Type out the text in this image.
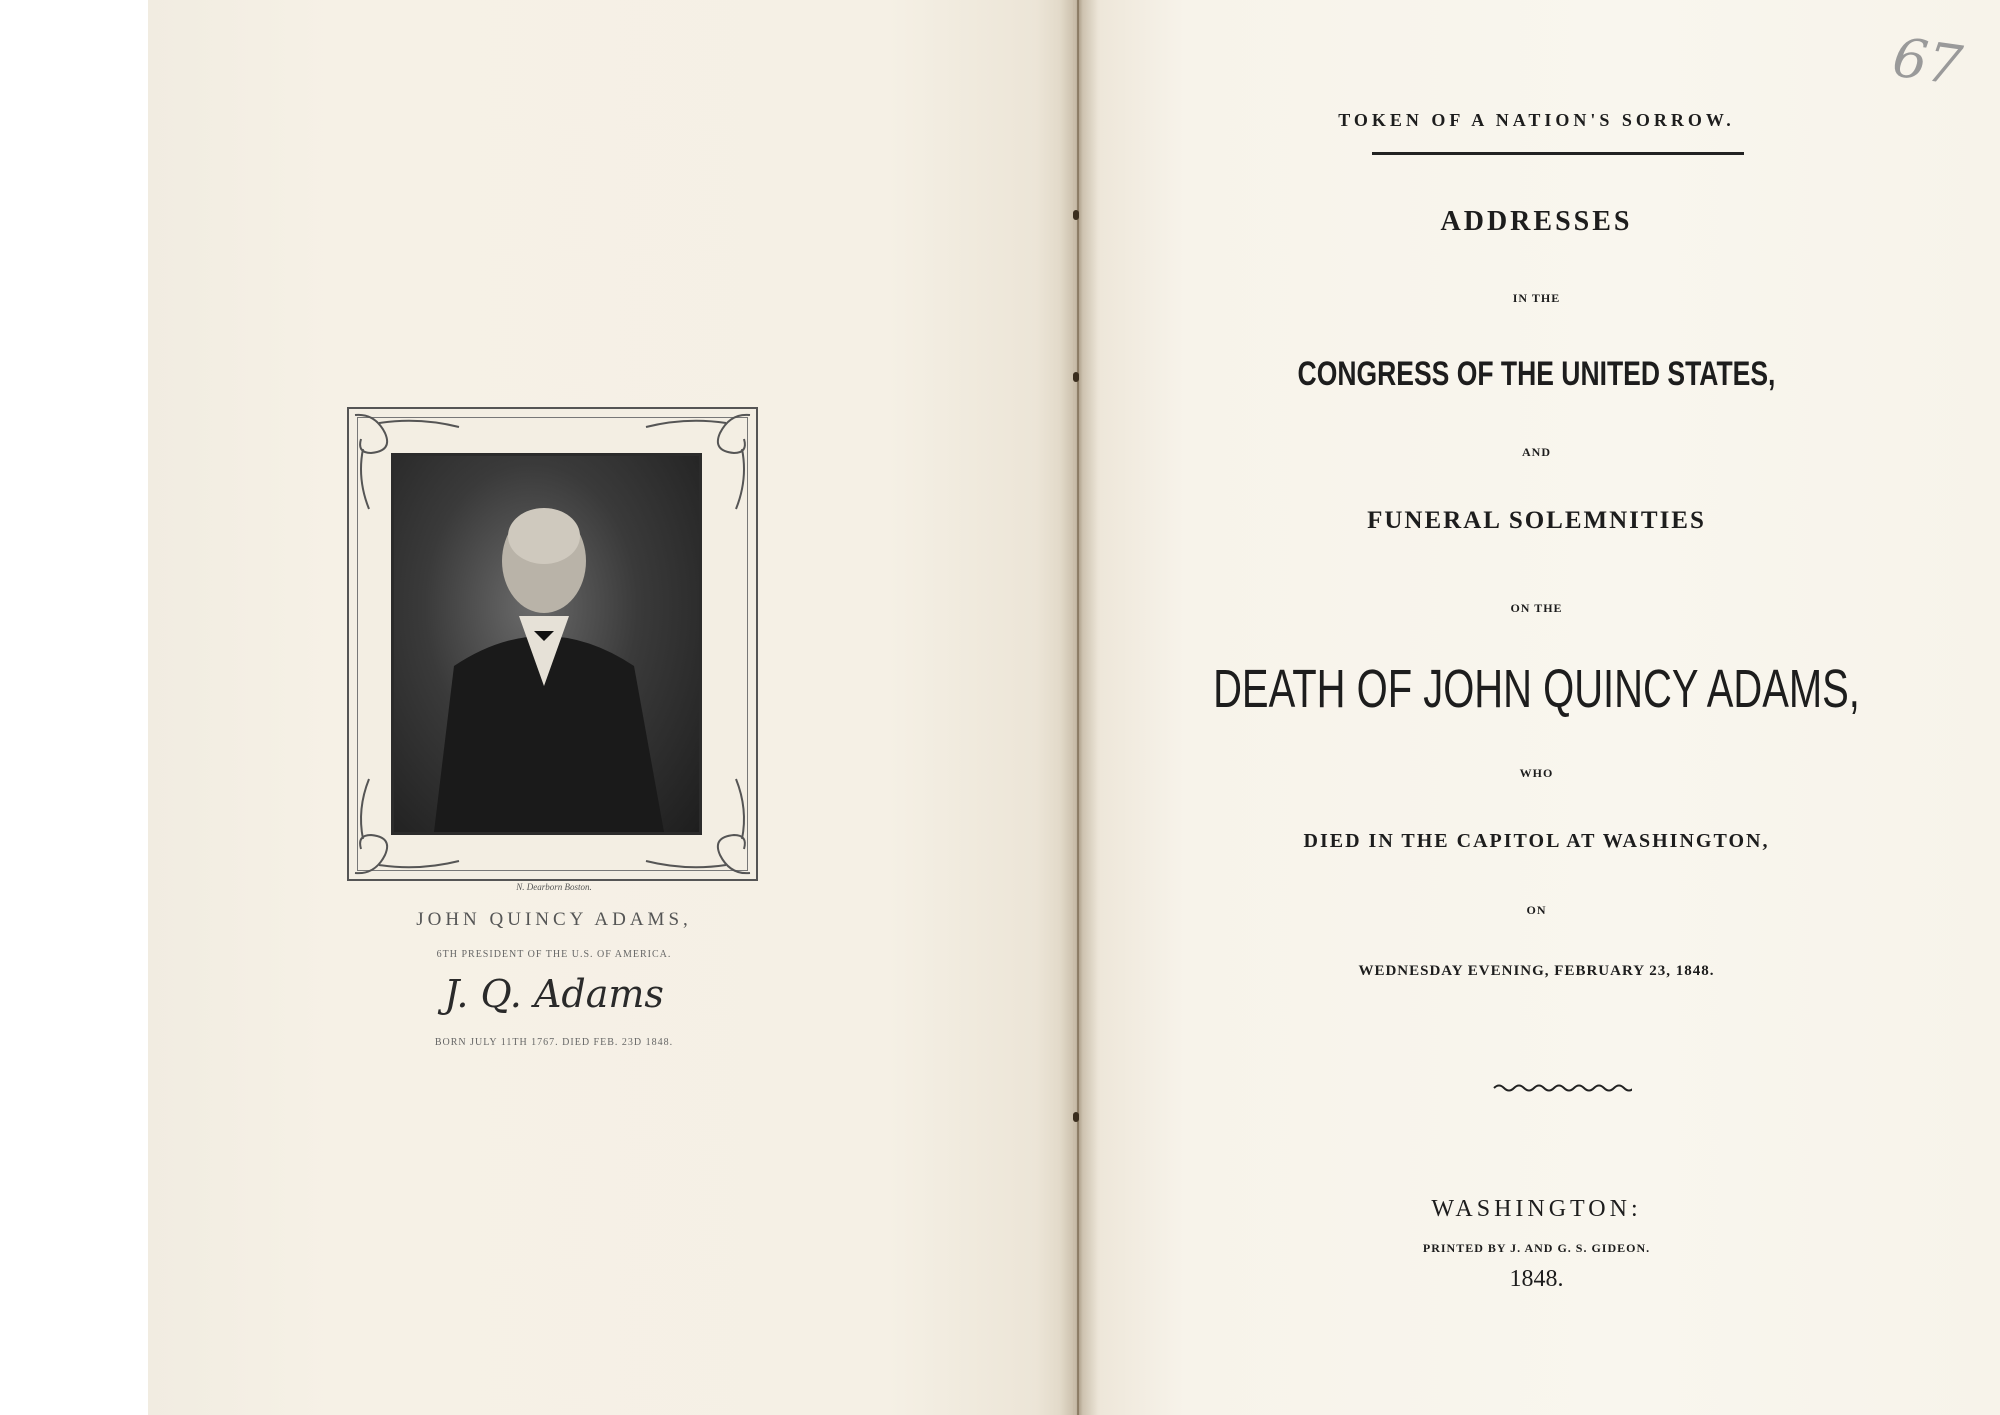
N. Dearborn Boston.
JOHN QUINCY ADAMS,
6TH PRESIDENT OF THE U.S. OF AMERICA.
J. Q. Adams
BORN JULY 11TH 1767. DIED FEB. 23D 1848.
67
TOKEN OF A NATION'S SORROW.
ADDRESSES
IN THE
CONGRESS OF THE UNITED STATES,
AND
FUNERAL SOLEMNITIES
ON THE
DEATH OF JOHN QUINCY ADAMS,
WHO
DIED IN THE CAPITOL AT WASHINGTON,
ON
WEDNESDAY EVENING, FEBRUARY 23, 1848.
WASHINGTON:
PRINTED BY J. AND G. S. GIDEON.
1848.
